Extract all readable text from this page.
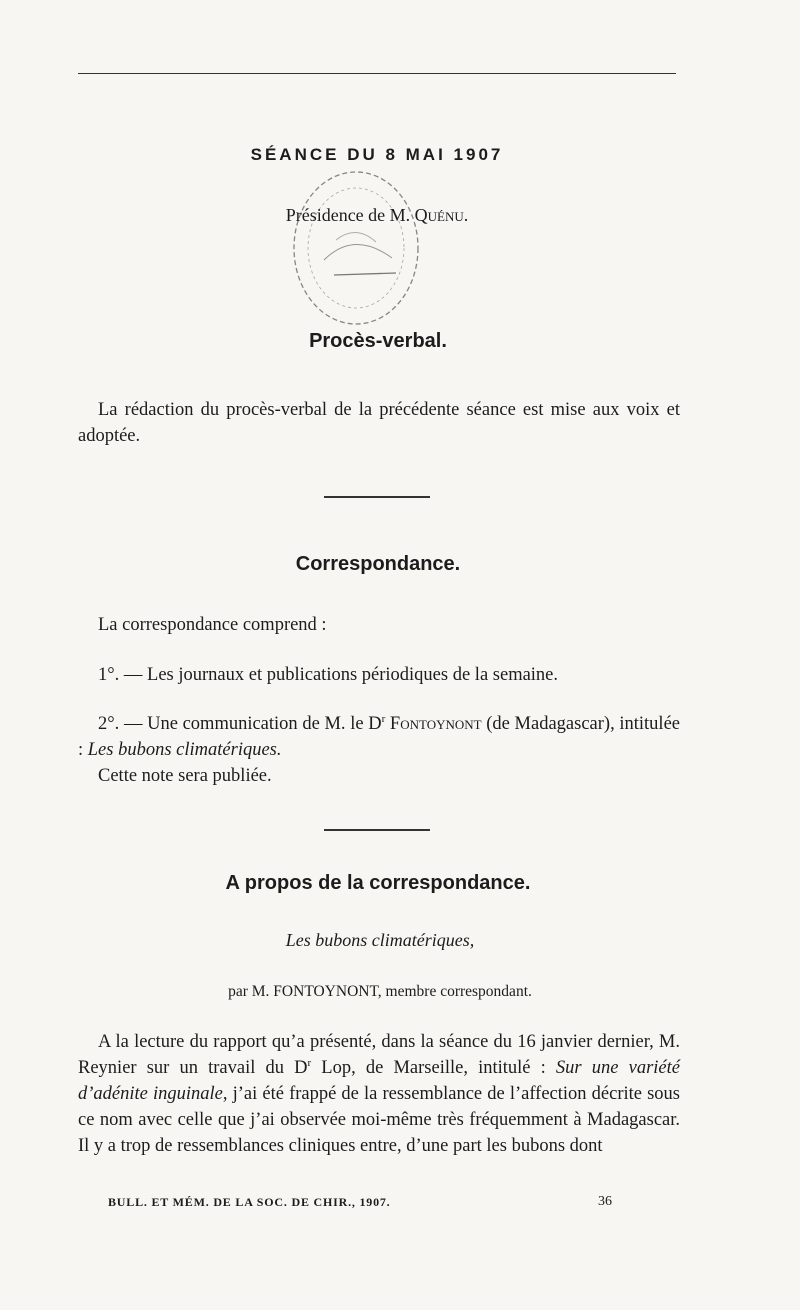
SÉANCE DU 8 MAI 1907
Présidence de M. Quénu.
Procès-verbal.
La rédaction du procès-verbal de la précédente séance est mise aux voix et adoptée.
Correspondance.
La correspondance comprend :
1°. — Les journaux et publications périodiques de la semaine.
2°. — Une communication de M. le $D^r$ Fontoynont (de Madagascar), intitulée : Les bubons climatériques.
Cette note sera publiée.
A propos de la correspondance.
Les bubons climatériques,
par M. FONTOYNONT, membre correspondant.
A la lecture du rapport qu’a présenté, dans la séance du 16 janvier dernier, M. Reynier sur un travail du $D^r$ Lop, de Marseille, intitulé : Sur une variété d’adénite inguinale, j’ai été frappé de la ressemblance de l’affection décrite sous ce nom avec celle que j’ai observée moi-même très fréquemment à Madagascar. Il y a trop de ressemblances cliniques entre, d’une part les bubons dont
BULL. ET MÉM. DE LA SOC. DE CHIR., 1907.	36
